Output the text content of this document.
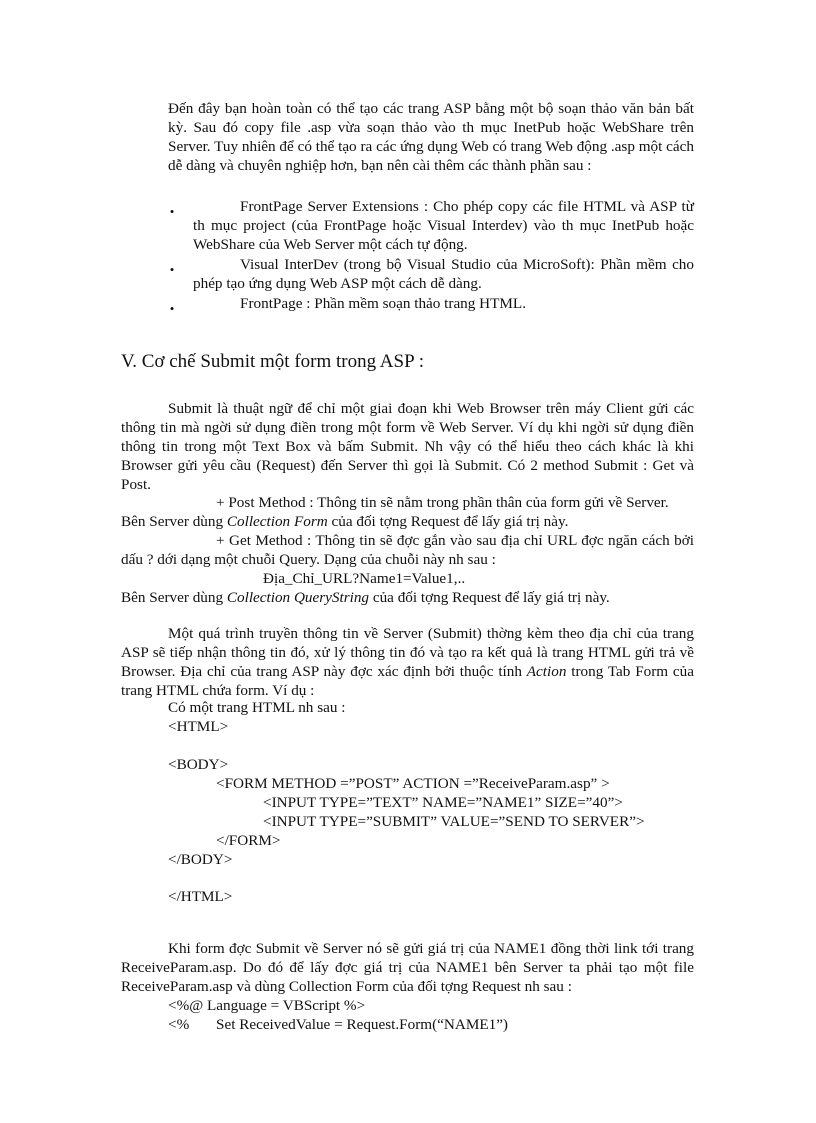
Đến đây bạn hoàn toàn có thể tạo các trang ASP bằng một bộ soạn thảo văn bản bất kỳ. Sau đó copy file .asp vừa soạn thảo vào th mục InetPub hoặc WebShare trên Server. Tuy nhiên để có thể tạo ra các ứng dụng Web có trang Web động .asp một cách dễ dàng và chuyên nghiệp hơn, bạn nên cài thêm các thành phần sau :

•	FrontPage Server Extensions : Cho phép copy các file HTML và ASP từ th mục project (của FrontPage hoặc Visual Interdev) vào th mục InetPub hoặc WebShare của Web Server một cách tự động.

•	Visual InterDev (trong bộ Visual Studio của MicroSoft): Phần mềm cho phép tạo ứng dụng Web ASP một cách dễ dàng.

•	FrontPage : Phần mềm soạn thảo trang HTML.

V. Cơ chế Submit một form trong ASP :

Submit là thuật ngữ để chỉ một giai đoạn khi Web Browser trên máy Client gửi các thông tin mà ngời sử dụng điền trong một form về Web Server. Ví dụ khi ngời sử dụng điền thông tin trong một Text Box và bấm Submit. Nh vậy có thể hiểu theo cách khác là khi Browser gửi yêu cầu (Request) đến Server thì gọi là Submit. Có 2 method Submit : Get và Post.

+ Post Method : Thông tin sẽ nằm trong phần thân của form gửi về Server.

Bên Server dùng Collection Form của đối tợng Request để lấy giá trị này.

+ Get Method : Thông tin sẽ đợc gắn vào sau địa chỉ URL đợc ngăn cách bởi dấu ? dới dạng một chuỗi Query. Dạng của chuỗi này nh sau :

Địa_Chỉ_URL?Name1=Value1,..

Bên Server dùng Collection QueryString của đối tợng Request để lấy giá trị này.

Một quá trình truyền thông tin về Server (Submit) thờng kèm theo địa chỉ của trang ASP sẽ tiếp nhận thông tin đó, xử lý thông tin đó và tạo ra kết quả là trang HTML gửi trả về Browser. Địa chỉ của trang ASP này đợc xác định bởi thuộc tính Action trong Tab Form của trang HTML chứa form. Ví dụ :

Có một trang HTML nh sau :

<HTML>

<BODY>

<FORM METHOD =”POST” ACTION =”ReceiveParam.asp” >

<INPUT TYPE=”TEXT” NAME=”NAME1” SIZE=”40”>

<INPUT TYPE=”SUBMIT” VALUE=”SEND TO SERVER”>

</FORM>

</BODY>

</HTML>

Khi form đợc Submit về Server nó sẽ gửi giá trị của NAME1 đồng thời link tới trang ReceiveParam.asp. Do đó để lấy đợc giá trị của NAME1 bên Server ta phải tạo một file ReceiveParam.asp và dùng Collection Form của đối tợng Request nh sau :

<%@ Language = VBScript %>

<% Set ReceivedValue = Request.Form(“NAME1”)
